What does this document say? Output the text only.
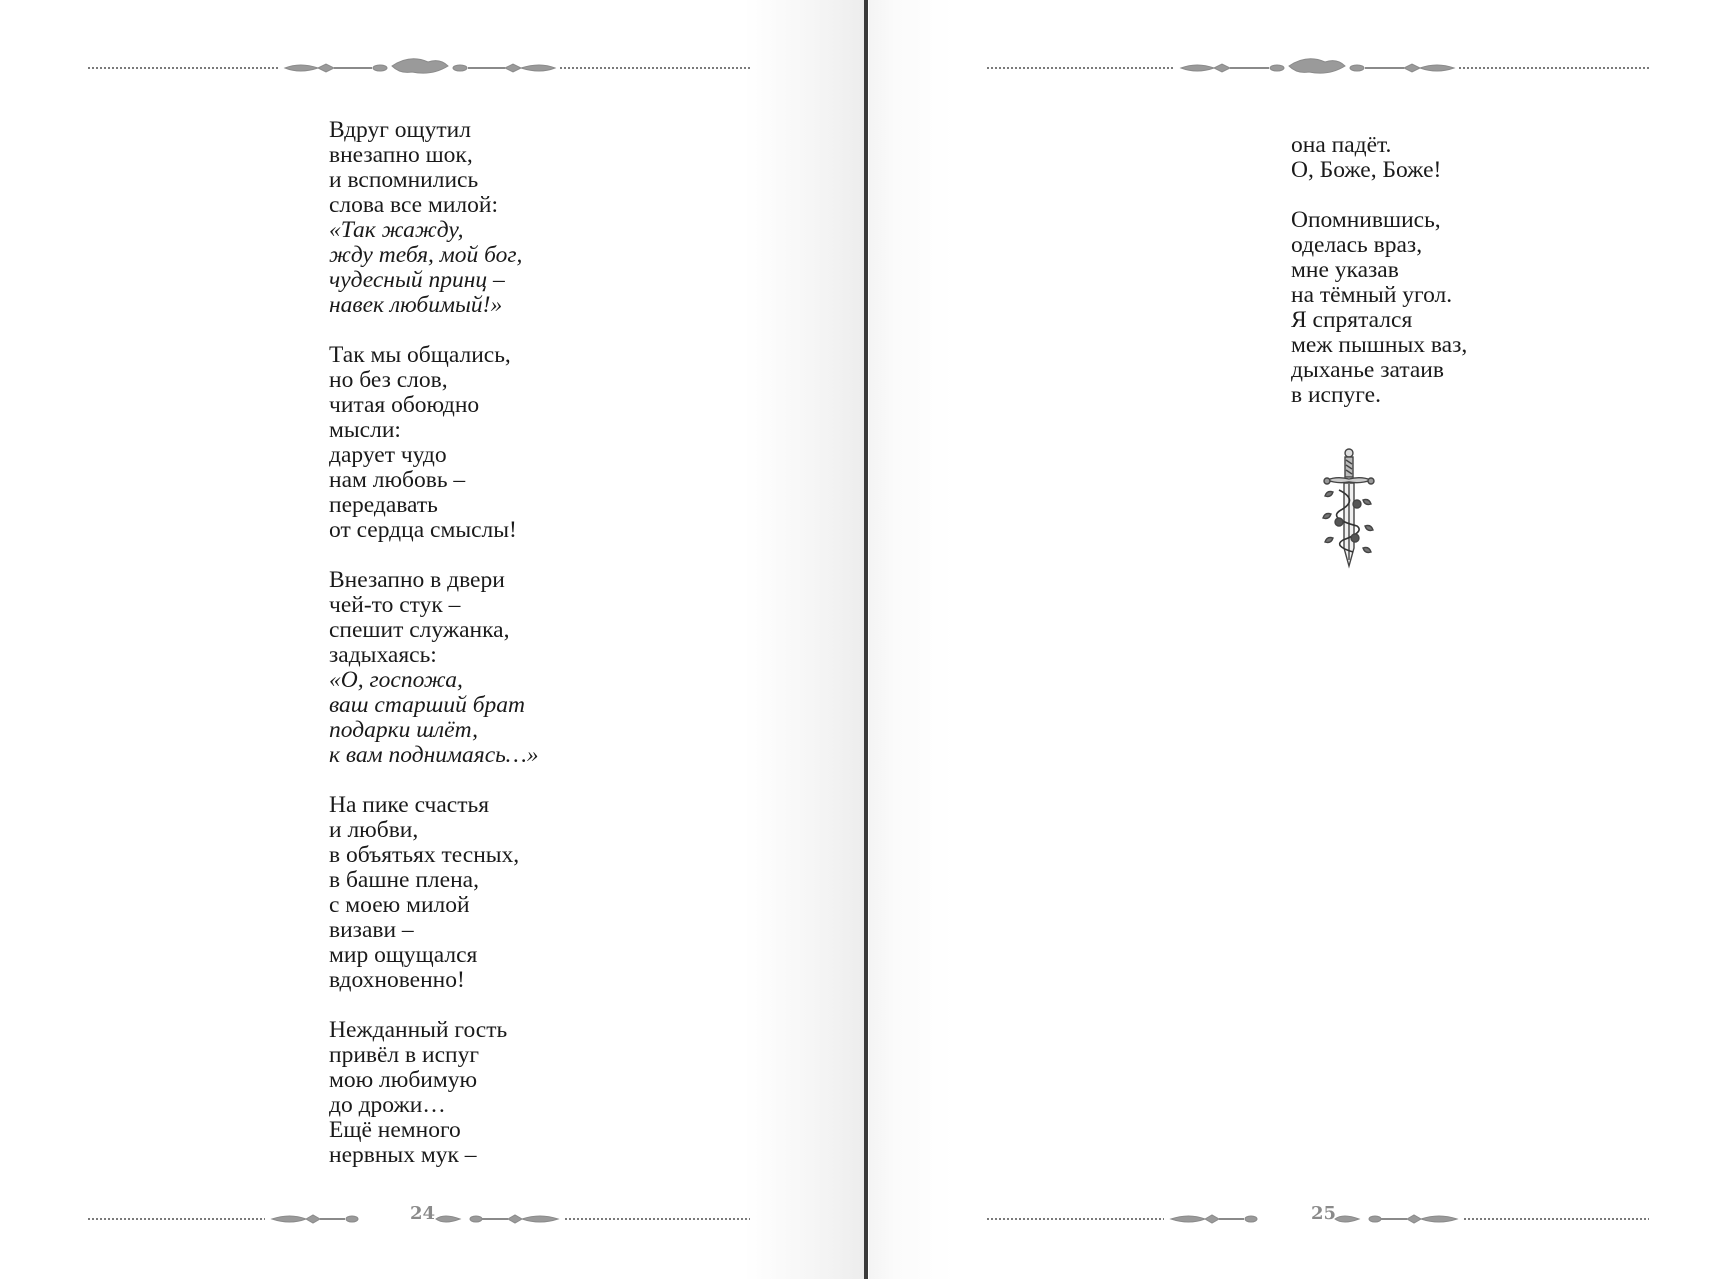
Вдруг ощутил
внезапно шок,
и вспомнились
слова все милой:
«Так жажду,
жду тебя, мой бог,
чудесный принц –
навек любимый!»
Так мы общались,
но без слов,
читая обоюдно
мысли:
дарует чудо
нам любовь –
передавать
от сердца смыслы!
Внезапно в двери
чей-то стук –
спешит служанка,
задыхаясь:
«О, госпожа,
ваш старший брат
подарки шлёт,
к вам поднимаясь…»
На пике счастья
и любви,
в объятьях тесных,
в башне плена,
с моею милой
визави –
мир ощущался
вдохновенно!
Нежданный гость
привёл в испуг
мою любимую
до дрожи…
Ещё немного
нервных мук –
24
она падёт.
О, Боже, Боже!
Опомнившись,
оделась враз,
мне указав
на тёмный угол.
Я спрятался
меж пышных ваз,
дыханье затаив
в испуге.
25
